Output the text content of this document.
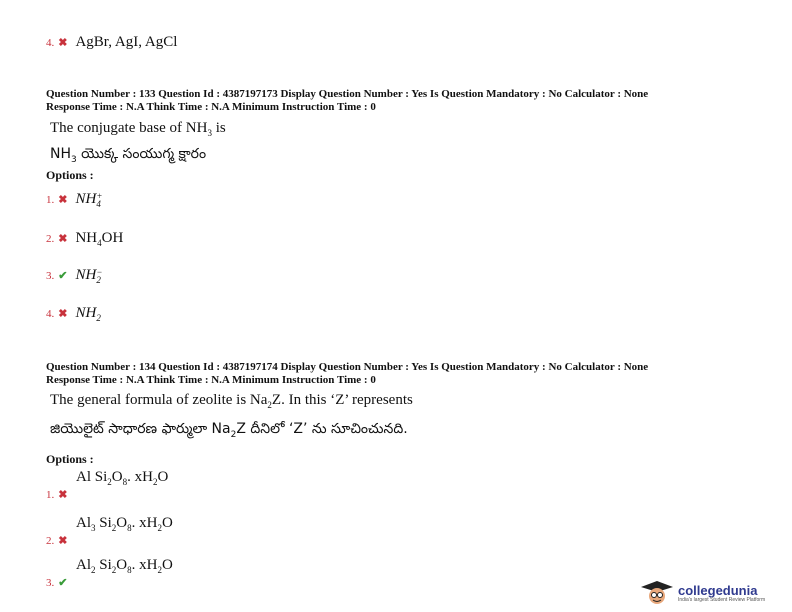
4. ✖ AgBr, AgI, AgCl
Question Number : 133 Question Id : 4387197173 Display Question Number : Yes Is Question Mandatory : No Calculator : None
Response Time : N.A Think Time : N.A Minimum Instruction Time : 0
The conjugate base of $NH_3$ is
$NH_3$ యొక్క సంయుగ్మ క్షారం
Options :
1. ✖ NH +
4
2. ✖ $NH_4OH$
3. ✔ NH −
2
4. ✖ $NH_2$
Question Number : 134 Question Id : 4387197174 Display Question Number : Yes Is Question Mandatory : No Calculator : None
Response Time : N.A Think Time : N.A Minimum Instruction Time : 0
The general formula of zeolite is $Na_2Z$. In this ‘Z’ represents
జియొలైట్ సాధారణ ఫార్ములా $Na_2Z$ దీనిలో ‘Z’ ను సూచించునది.
Options :
Al $Si_2O_8$. $xH_2O$
1. ✖
$Al_3$ $Si_2O_8$. $xH_2O$
2. ✖
$Al_2$ $Si_2O_8$. $xH_2O$
3. ✔	collegedunia
India's largest Student Review Platform
